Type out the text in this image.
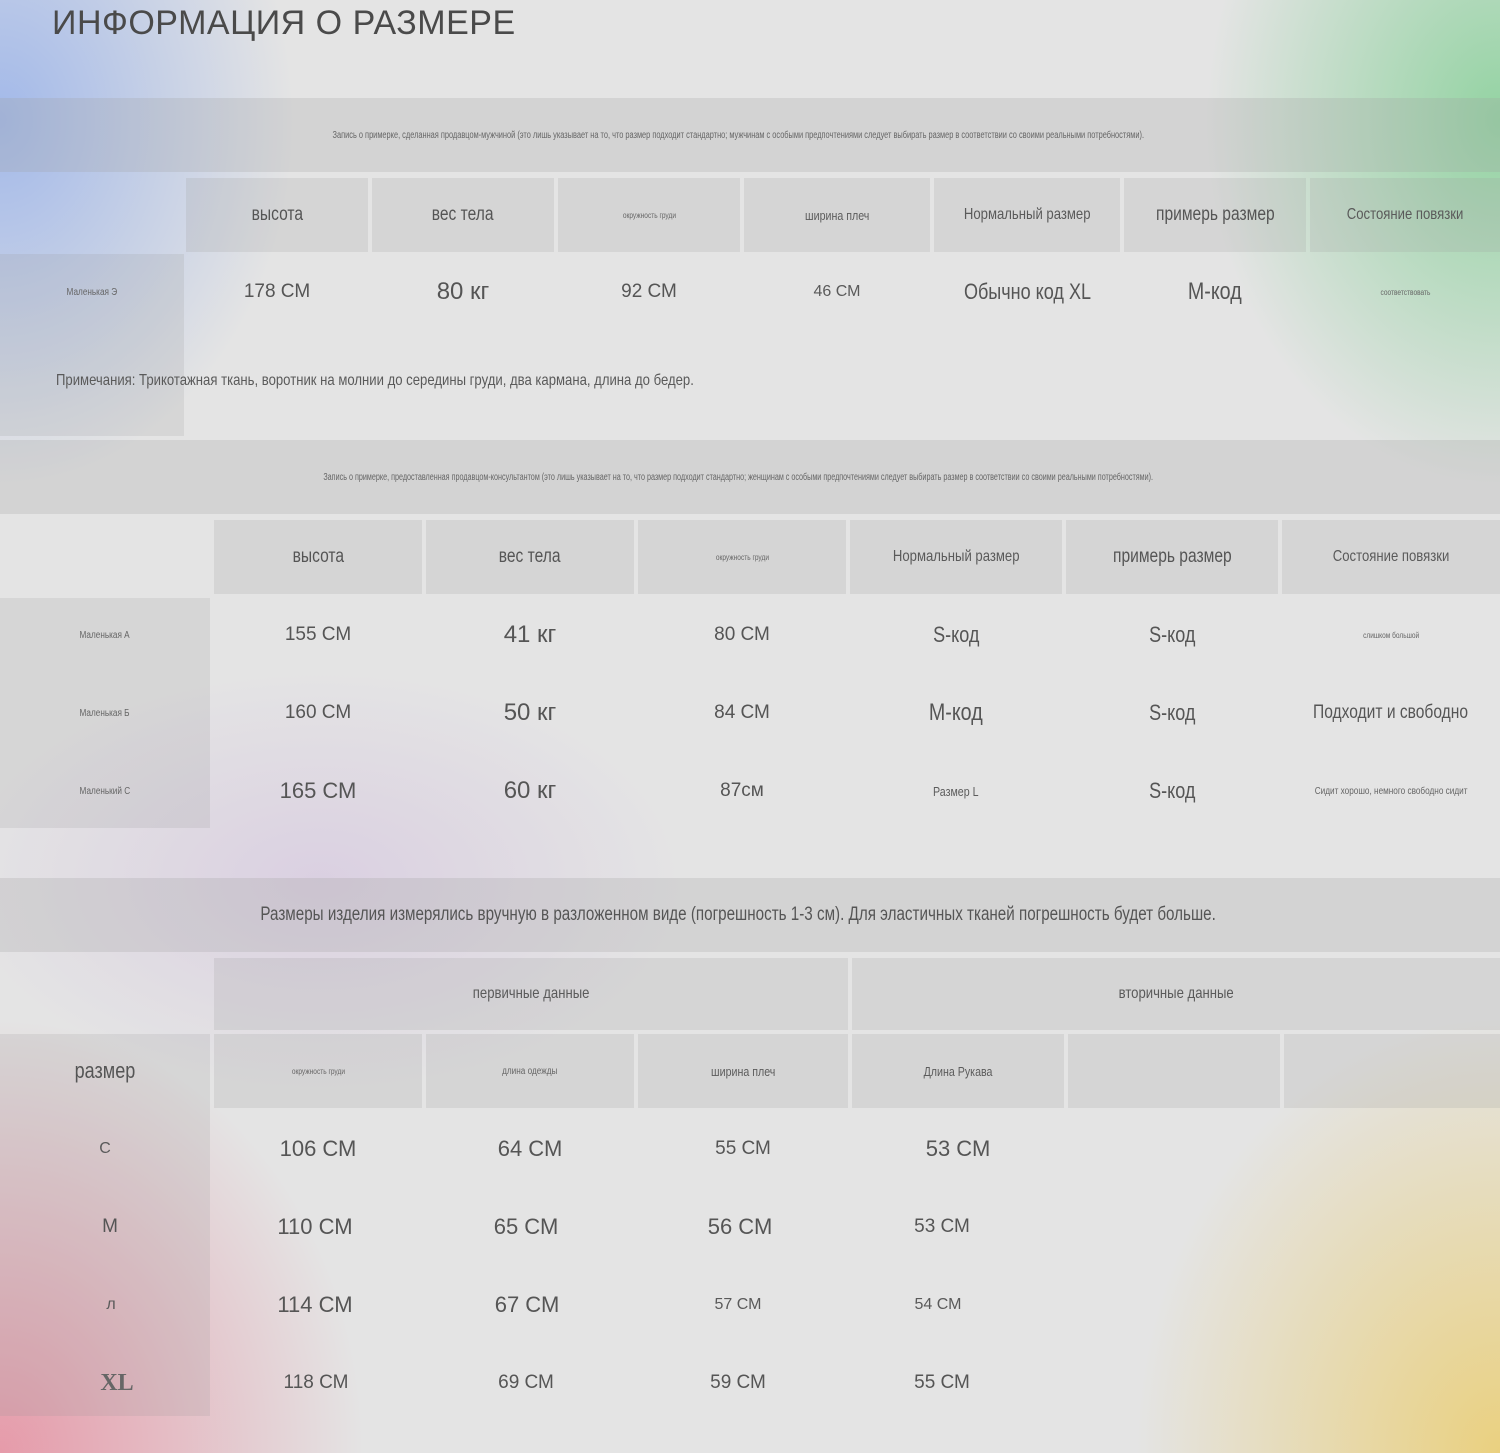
ИНФОРМАЦИЯ О РАЗМЕРЕ
Запись о примерке, сделанная продавцом-мужчиной (это лишь указывает на то, что размер подходит стандартно; мужчинам с особыми предпочтениями следует выбирать размер в соответствии со своими реальными потребностями).
высота	вес тела	окружность груди	ширина плеч	Нормальный размер	примерь размер	Состояние повязки
Маленькая Э	178 СМ	80 кг	92 СМ	46 СМ	Обычно код XL	М-код	соответствовать
Примечания: Трикотажная ткань, воротник на молнии до середины груди, два кармана, длина до бедер.
Запись о примерке, предоставленная продавцом-консультантом (это лишь указывает на то, что размер подходит стандартно; женщинам с особыми предпочтениями следует выбирать размер в соответствии со своими реальными потребностями).
высота	вес тела	окружность груди	Нормальный размер	примерь размер	Состояние повязки
Маленькая А	155 СМ	41 кг	80 СМ	S-код	S-код	слишком большой
Маленькая Б	160 СМ	50 кг	84 СМ	М-код	S-код	Подходит и свободно
Маленький С	165 СМ	60 кг	87см	Размер L	S-код	Сидит хорошо, немного свободно сидит
Размеры изделия измерялись вручную в разложенном виде (погрешность 1-3 см). Для эластичных тканей погрешность будет больше.
первичные данные	вторичные данные
размер	окружность груди	длина одежды	ширина плеч	Длина Рукава
С	106 СМ	64 СМ	55 СМ	53 СМ
М	110 СМ	65 СМ	56 СМ	53 СМ
л	114 СМ	67 СМ	57 СМ	54 СМ
XL	118 СМ	69 СМ	59 СМ	55 СМ
